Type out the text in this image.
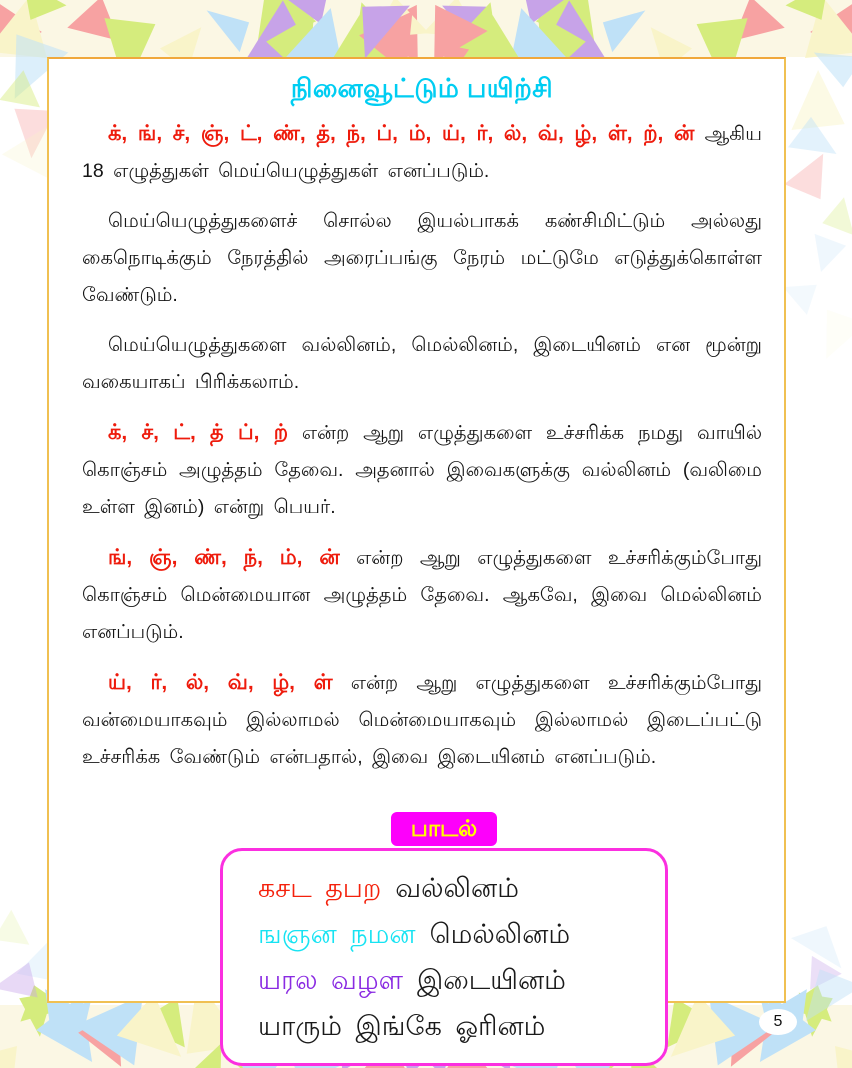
நினைவூட்டும் பயிற்சி

க், ங், ச், ஞ், ட், ண், த், ந், ப், ம், ய், ர், ல், வ், ழ், ள், ற், ன் ஆகிய 18 எழுத்துகள் மெய்யெழுத்துகள் எனப்படும்.

மெய்யெழுத்துகளைச் சொல்ல இயல்பாகக் கண்சிமிட்டும் அல்லது கைநொடிக்கும் நேரத்தில் அரைப்பங்கு நேரம் மட்டுமே எடுத்துக்கொள்ள வேண்டும்.

மெய்யெழுத்துகளை வல்லினம், மெல்லினம், இடையினம் என மூன்று வகையாகப் பிரிக்கலாம்.

க், ச், ட், த் ப், ற் என்ற ஆறு எழுத்துகளை உச்சரிக்க நமது வாயில் கொஞ்சம் அழுத்தம் தேவை. அதனால் இவைகளுக்கு வல்லினம் (வலிமை உள்ள இனம்) என்று பெயர்.

ங், ஞ், ண், ந், ம், ன் என்ற ஆறு எழுத்துகளை உச்சரிக்கும்போது கொஞ்சம் மென்மையான அழுத்தம் தேவை. ஆகவே, இவை மெல்லினம் எனப்படும்.

ய், ர், ல், வ், ழ், ள் என்ற ஆறு எழுத்துகளை உச்சரிக்கும்போது வன்மையாகவும் இல்லாமல் மென்மையாகவும் இல்லாமல் இடைப்பட்டு உச்சரிக்க வேண்டும் என்பதால், இவை இடையினம் எனப்படும்.

பாடல்
கசட தபற வல்லினம்
ஙஞன நமன மெல்லினம்
யரல வழள இடையினம்
யாரும் இங்கே ஓரினம்	5
